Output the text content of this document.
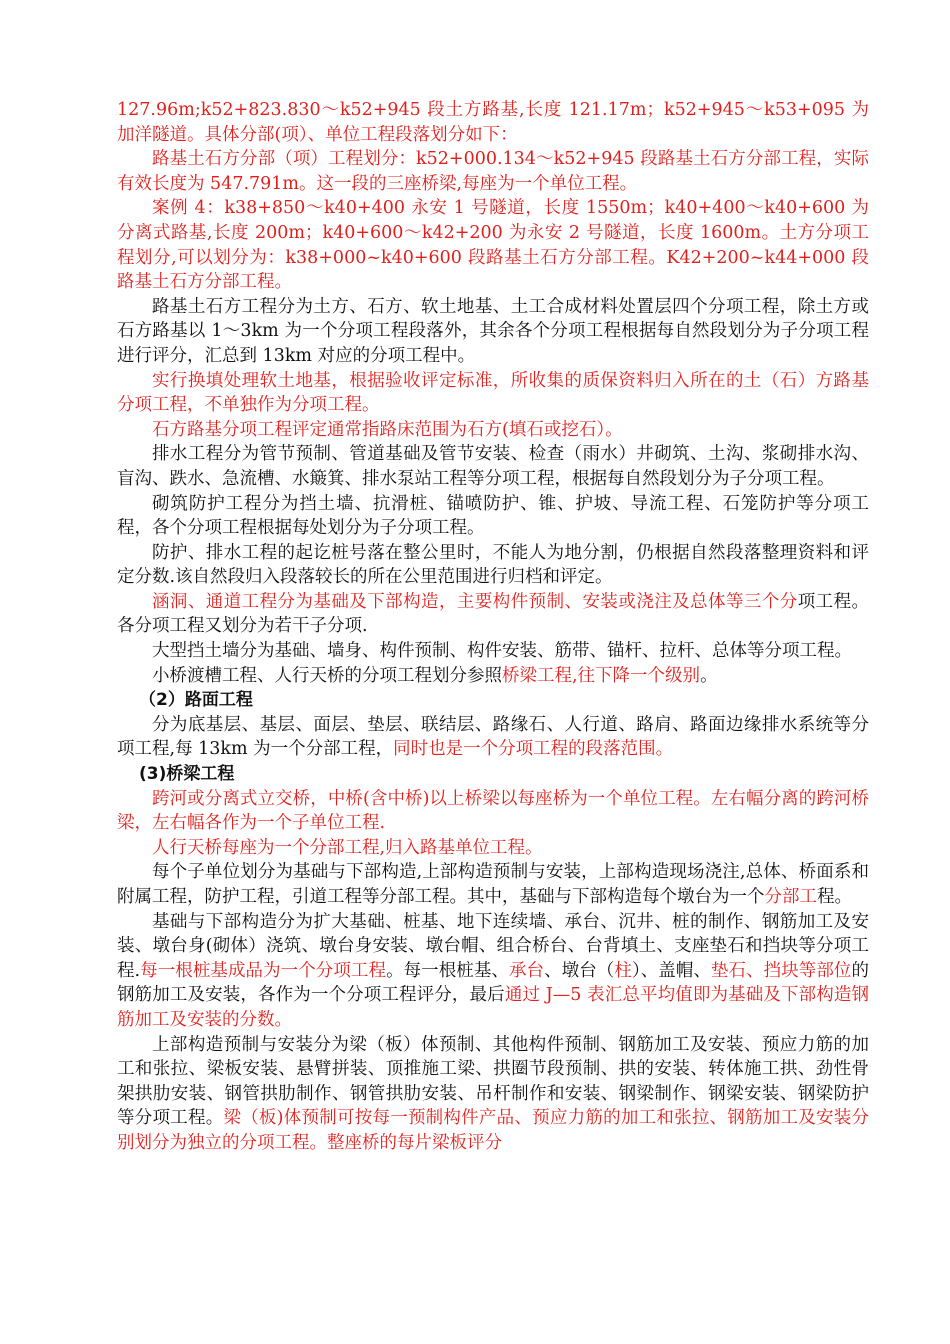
127.96m;k52+823.830～k52+945 段土方路基,长度 121.17m；k52+945～k53+095 为加洋隧道。具体分部(项）、单位工程段落划分如下：

路基土石方分部（项）工程划分：k52+000.134～k52+945 段路基土石方分部工程，实际有效长度为 547.791m。这一段的三座桥梁,每座为一个单位工程。

案例 4：k38+850～k40+400 永安 1 号隧道，长度 1550m；k40+400～k40+600 为分离式路基,长度 200m；k40+600～k42+200 为永安 2 号隧道，长度 1600m。土方分项工程划分,可以划分为：k38+000~k40+600 段路基土石方分部工程。K42+200~k44+000 段路基土石方分部工程。

路基土石方工程分为土方、石方、软土地基、土工合成材料处置层四个分项工程，除土方或石方路基以 1～3km 为一个分项工程段落外，其余各个分项工程根据每自然段划分为子分项工程进行评分，汇总到 13km 对应的分项工程中。

实行换填处理软土地基，根据验收评定标准，所收集的质保资料归入所在的土（石）方路基分项工程，不单独作为分项工程。

石方路基分项工程评定通常指路床范围为石方(填石或挖石）。

排水工程分为管节预制、管道基础及管节安装、检查（雨水）井砌筑、土沟、浆砌排水沟、盲沟、跌水、急流槽、水簸箕、排水泵站工程等分项工程，根据每自然段划分为子分项工程。

砌筑防护工程分为挡土墙、抗滑桩、锚喷防护、锥、护坡、导流工程、石笼防护等分项工程，各个分项工程根据每处划分为子分项工程。

防护、排水工程的起讫桩号落在整公里时，不能人为地分割，仍根据自然段落整理资料和评定分数.该自然段归入段落较长的所在公里范围进行归档和评定。

涵洞、通道工程分为基础及下部构造，主要构件预制、安装或浇注及总体等三个分项工程。各分项工程又划分为若干子分项.

大型挡土墙分为基础、墙身、构件预制、构件安装、筋带、锚杆、拉杆、总体等分项工程。

小桥渡槽工程、人行天桥的分项工程划分参照桥梁工程,往下降一个级别。

（2）路面工程

分为底基层、基层、面层、垫层、联结层、路缘石、人行道、路肩、路面边缘排水系统等分项工程,每 13km 为一个分部工程，同时也是一个分项工程的段落范围。

(3)桥梁工程

跨河或分离式立交桥，中桥(含中桥)以上桥梁以每座桥为一个单位工程。左右幅分离的跨河桥梁，左右幅各作为一个子单位工程.

人行天桥每座为一个分部工程,归入路基单位工程。

每个子单位划分为基础与下部构造,上部构造预制与安装，上部构造现场浇注,总体、桥面系和附属工程，防护工程，引道工程等分部工程。其中，基础与下部构造每个墩台为一个分部工程。

基础与下部构造分为扩大基础、桩基、地下连续墙、承台、沉井、桩的制作、钢筋加工及安装、墩台身(砌体）浇筑、墩台身安装、墩台帽、组合桥台、台背填土、支座垫石和挡块等分项工程.每一根桩基成品为一个分项工程。每一根桩基、承台、墩台（柱）、盖帽、垫石、挡块等部位的钢筋加工及安装，各作为一个分项工程评分，最后通过 J—5 表汇总平均值即为基础及下部构造钢筋加工及安装的分数。

上部构造预制与安装分为梁（板）体预制、其他构件预制、钢筋加工及安装、预应力筋的加工和张拉、梁板安装、悬臂拼装、顶推施工梁、拱圈节段预制、拱的安装、转体施工拱、劲性骨架拱肋安装、钢管拱肋制作、钢管拱肋安装、吊杆制作和安装、钢梁制作、钢梁安装、钢梁防护等分项工程。梁（板)体预制可按每一预制构件产品、预应力筋的加工和张拉、钢筋加工及安装分别划分为独立的分项工程。整座桥的每片梁板评分
